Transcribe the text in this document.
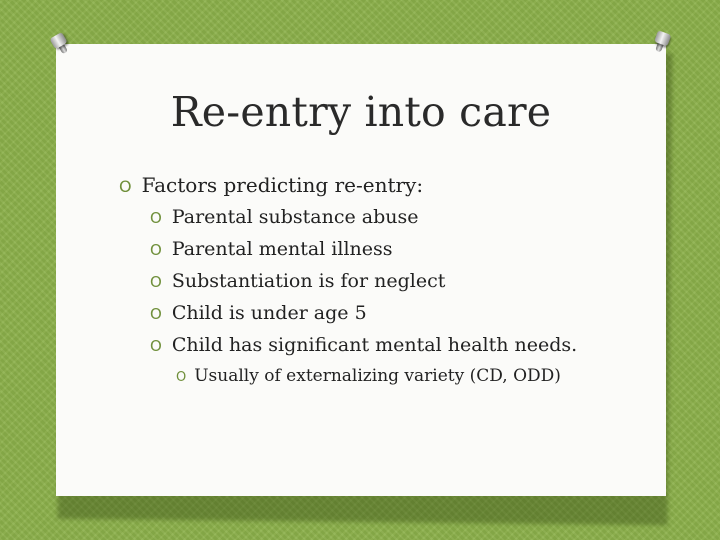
Re-entry into care
O Factors predicting re-entry:
O Parental substance abuse
O Parental mental illness
O Substantiation is for neglect
O Child is under age 5
O Child has significant mental health needs.
O Usually of externalizing variety (CD, ODD)
